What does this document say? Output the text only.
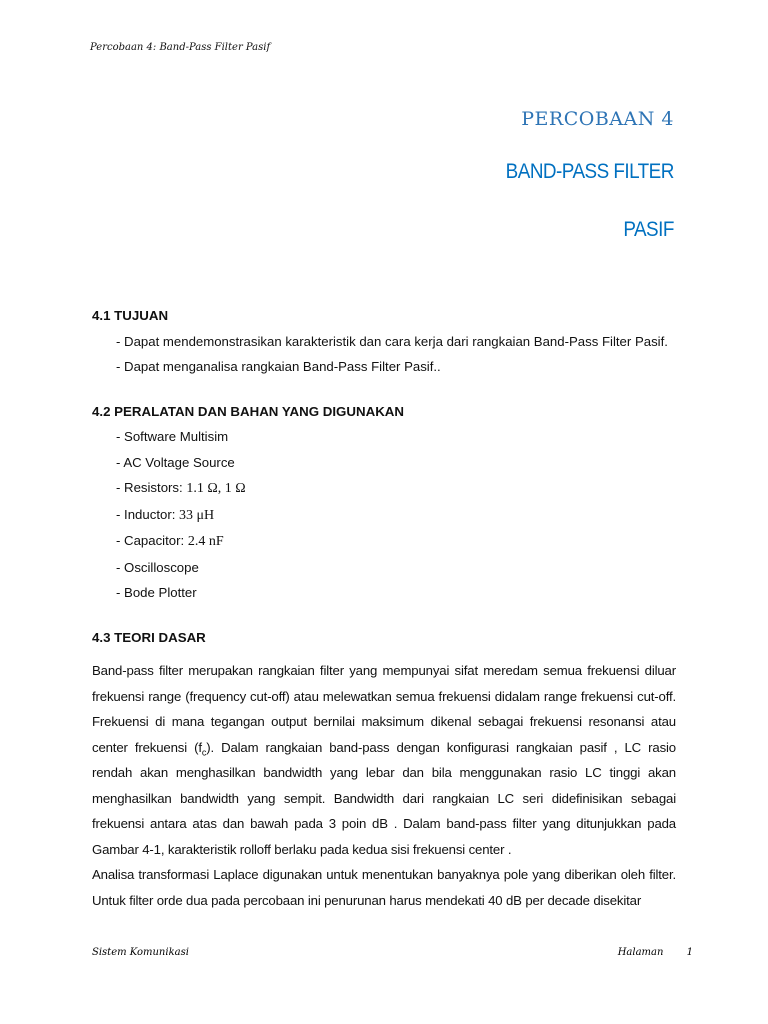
Percobaan 4: Band-Pass Filter Pasif
PERCOBAAN 4
BAND-PASS FILTER
PASIF
4.1 TUJUAN
- Dapat mendemonstrasikan karakteristik dan cara kerja dari rangkaian Band-Pass Filter Pasif.
- Dapat menganalisa rangkaian Band-Pass Filter Pasif..
4.2 PERALATAN DAN BAHAN YANG DIGUNAKAN
- Software Multisim
- AC Voltage Source
- Resistors: 1.1 Ω, 1 Ω
- Inductor: 33 μH
- Capacitor: 2.4 nF
- Oscilloscope
- Bode Plotter
4.3 TEORI DASAR

Band-pass filter merupakan rangkaian filter yang mempunyai sifat meredam semua frekuensi diluar frekuensi range (frequency cut-off) atau melewatkan semua frekuensi didalam range frekuensi cut-off. Frekuensi di mana tegangan output bernilai maksimum dikenal sebagai frekuensi resonansi atau center frekuensi $(f_c)$. Dalam rangkaian band-pass dengan konfigurasi rangkaian pasif , LC rasio rendah akan menghasilkan bandwidth yang lebar dan bila menggunakan rasio LC tinggi akan menghasilkan bandwidth yang sempit. Bandwidth dari rangkaian LC seri didefinisikan sebagai frekuensi antara atas dan bawah pada 3 poin dB . Dalam band-pass filter yang ditunjukkan pada Gambar 4-1, karakteristik rolloff berlaku pada kedua sisi frekuensi center .

Analisa transformasi Laplace digunakan untuk menentukan banyaknya pole yang diberikan oleh filter. Untuk filter orde dua pada percobaan ini penurunan harus mendekati 40 dB per decade disekitar

Sistem Komunikasi	Halaman 1
